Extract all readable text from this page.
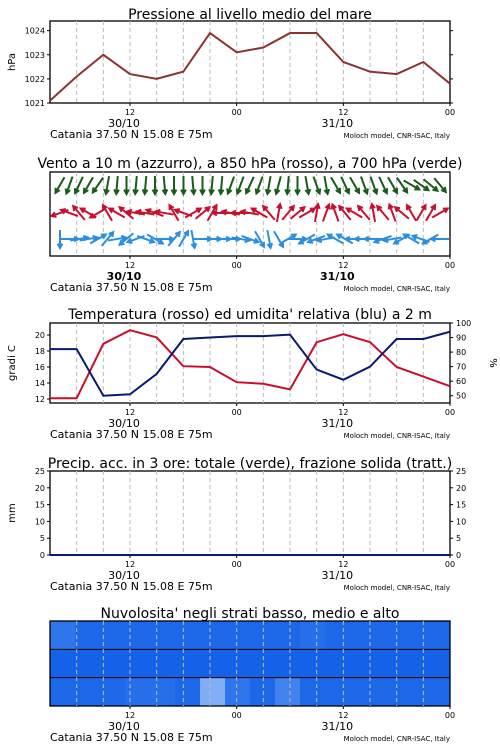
12	00	12	00
30/10	31/10
Catania 37.50 N 15.08 E 75m	Moloch model, CNR-ISAC, Italy
Pressione al livello medio del mare
1021
1022
1023
1024
hPa
12	00	12	00
30/10	31/10
Catania 37.50 N 15.08 E 75m	Moloch model, CNR-ISAC, Italy
Vento a 10 m (azzurro), a 850 hPa (rosso), a 700 hPa (verde)
12	00	12	00
30/10	31/10
Catania 37.50 N 15.08 E 75m	Moloch model, CNR-ISAC, Italy
Temperatura (rosso) ed umidita' relativa (blu) a 2 m
12
14
16
18
20
50
60
70
80
90
100
gradi C	%
12	00	12	00
30/10	31/10
Catania 37.50 N 15.08 E 75m	Moloch model, CNR-ISAC, Italy
Precip. acc. in 3 ore: totale (verde), frazione solida (tratt.)
0	0
5	5
10	10
15	15
20	20
25	25
mm
12	00	12	00
30/10	31/10
Catania 37.50 N 15.08 E 75m	Moloch model, CNR-ISAC, Italy
Nuvolosita' negli strati basso, medio e alto
